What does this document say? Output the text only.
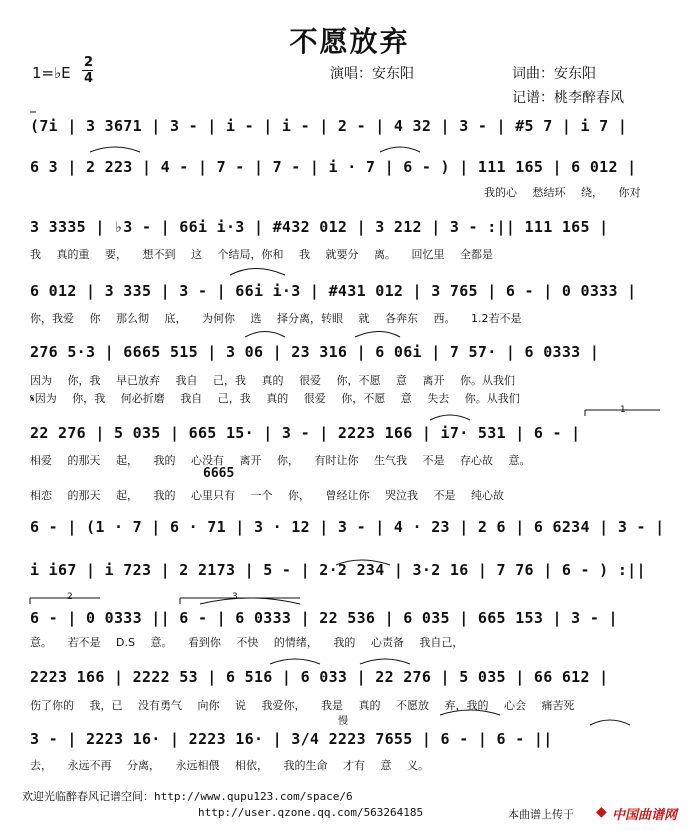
不愿放弃
1=♭E
2
4	演唱：安东阳	词曲：安东阳
记谱：桃李醉春风
(7i | 3 3671 | 3 - | i - | i - | 2 - | 4 32 | 3 - | #5 7 | i 7 |
6 3 | 2 223 | 4 - | 7 - | 7 - | i · 7 | 6 - ) | 111 165 | 6 012 |
我的心 愁结环 绕， 你对
3 3335 | ♭3 - | 66i i·3 | #432 012 | 3 212 | 3 - :|| 111 165 |
我 真的重 要， 想不到 这 个结局，你和 我 就要分 离。 回忆里 全都是
6 012 | 3 335 | 3 - | 66i i·3 | #431 012 | 3 765 | 6 - | 0 0333 |
你，我爱 你 那么彻 底， 为何你 选 择分离，转眼 就 各奔东 西。 1.2若不是
276 5·3 | 6665 515 | 3 06 | 23 316 | 6 06i | 7 57· | 6 0333 |
因为 你，我 早已放弃 我自 己，我 真的 很爱 你，不愿 意 离开 你。从我们
𝄋因为 你，我 何必折磨 我自 己，我 真的 很爱 你，不愿 意 失去 你。从我们
22 276 | 5 035 | 665 15· | 3 - | 2223 166 | i7· 531 | 6 - |
1
相爱 的那天 起， 我的 心没有 离开 你， 有时让你 生气我 不是 存心故 意。
6665
相恋 的那天 起， 我的 心里只有 一个 你， 曾经让你 哭泣我 不是 纯心故
6 - | (1 · 7 | 6 · 71 | 3 · 12 | 3 - | 4 · 23 | 2 6 | 6 6234 | 3 - |
i i67 | i 723 | 2 2173 | 5 - | 2·2 234 | 3·2 16 | 7 76 | 6 - ) :||
2	3
6 - | 0 0333 || 6 - | 6 0333 | 22 536 | 6 035 | 665 153 | 3 - |
意。 若不是 D.S 意。 看到你 不快 的情绪， 我的 心责备 我自己，
2223 166 | 2222 53 | 6 516 | 6 033 | 22 276 | 5 035 | 66 612 |
伤了你的 我，已 没有勇气 向你 说 我爱你， 我是 真的 不愿放 弃，我的 心会 痛苦死
慢
3 - | 2223 16· | 2223 16· | 3/4 2223 7655 | 6 - | 6 - ||
去， 永远不再 分离， 永远相偎 相依， 我的生命 才有 意 义。
欢迎光临醉春风记谱空间：http://www.qupu123.com/space/6
http://user.qzone.qq.com/563264185	本曲谱上传于 ◆ 中国曲谱网
